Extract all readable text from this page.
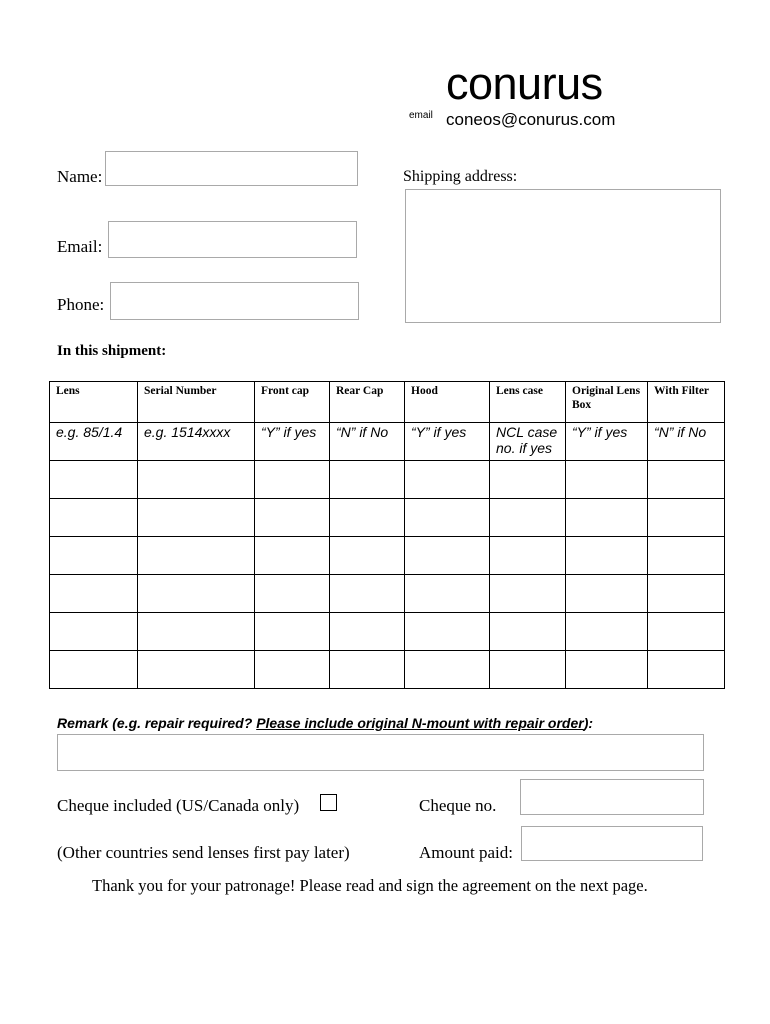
conurus
email coneos@conurus.com
Name:
Email:
Phone:
Shipping address:
In this shipment:
Lens	Serial Number	Front cap	Rear Cap	Hood	Lens case	Original Lens Box	With Filter
e.g. 85/1.4	e.g. 1514xxxx	“Y” if yes	“N” if No	“Y” if yes	NCL case no. if yes	“Y” if yes	“N” if No

Remark (e.g. repair required? Please include original N-mount with repair order):
Cheque included (US/Canada only)	Cheque no.
(Other countries send lenses first pay later)	Amount paid:
Thank you for your patronage! Please read and sign the agreement on the next page.
